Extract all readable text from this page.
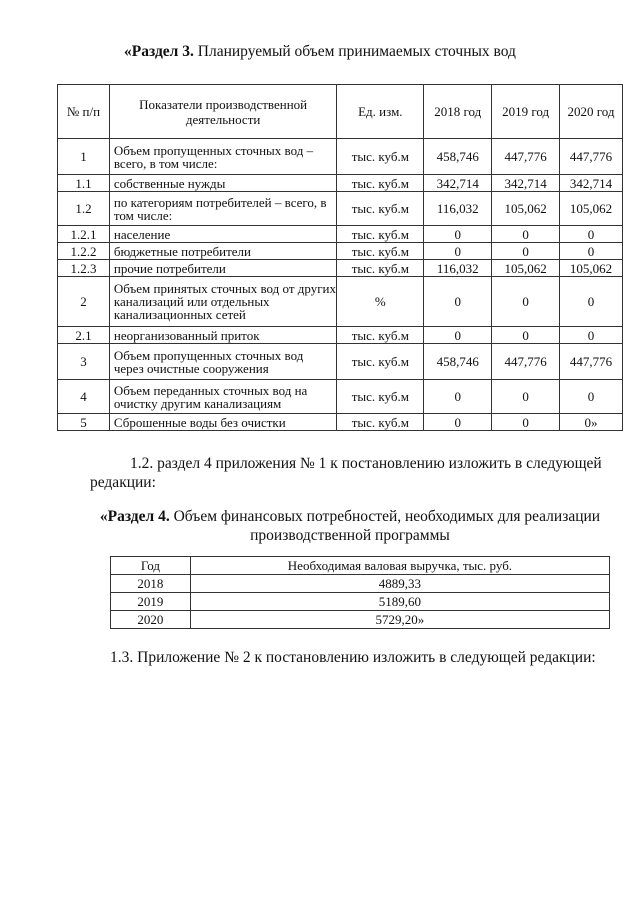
«Раздел 3. Планируемый объем принимаемых сточных вод
№ п/п	Показатели производственной деятельности	Ед. изм.	2018 год	2019 год	2020 год
1	Объем пропущенных сточных вод – всего, в том числе:	тыс. куб.м	458,746	447,776	447,776
1.1	собственные нужды	тыс. куб.м	342,714	342,714	342,714
1.2	по категориям потребителей – всего, в том числе:	тыс. куб.м	116,032	105,062	105,062
1.2.1	население	тыс. куб.м	0	0	0
1.2.2	бюджетные потребители	тыс. куб.м	0	0	0
1.2.3	прочие потребители	тыс. куб.м	116,032	105,062	105,062
2	Объем принятых сточных вод от других канализаций или отдельных канализационных сетей	%	0	0	0
2.1	неорганизованный приток	тыс. куб.м	0	0	0
3	Объем пропущенных сточных вод через очистные сооружения	тыс. куб.м	458,746	447,776	447,776
4	Объем переданных сточных вод на очистку другим канализациям	тыс. куб.м	0	0	0
5	Сброшенные воды без очистки	тыс. куб.м	0	0	0»
1.2. раздел 4 приложения № 1 к постановлению изложить в следующей редакции:
«Раздел 4. Объем финансовых потребностей, необходимых для реализации производственной программы
Год	Необходимая валовая выручка, тыс. руб.
2018	4889,33
2019	5189,60
2020	5729,20»
1.3. Приложение № 2 к постановлению изложить в следующей редакции:
